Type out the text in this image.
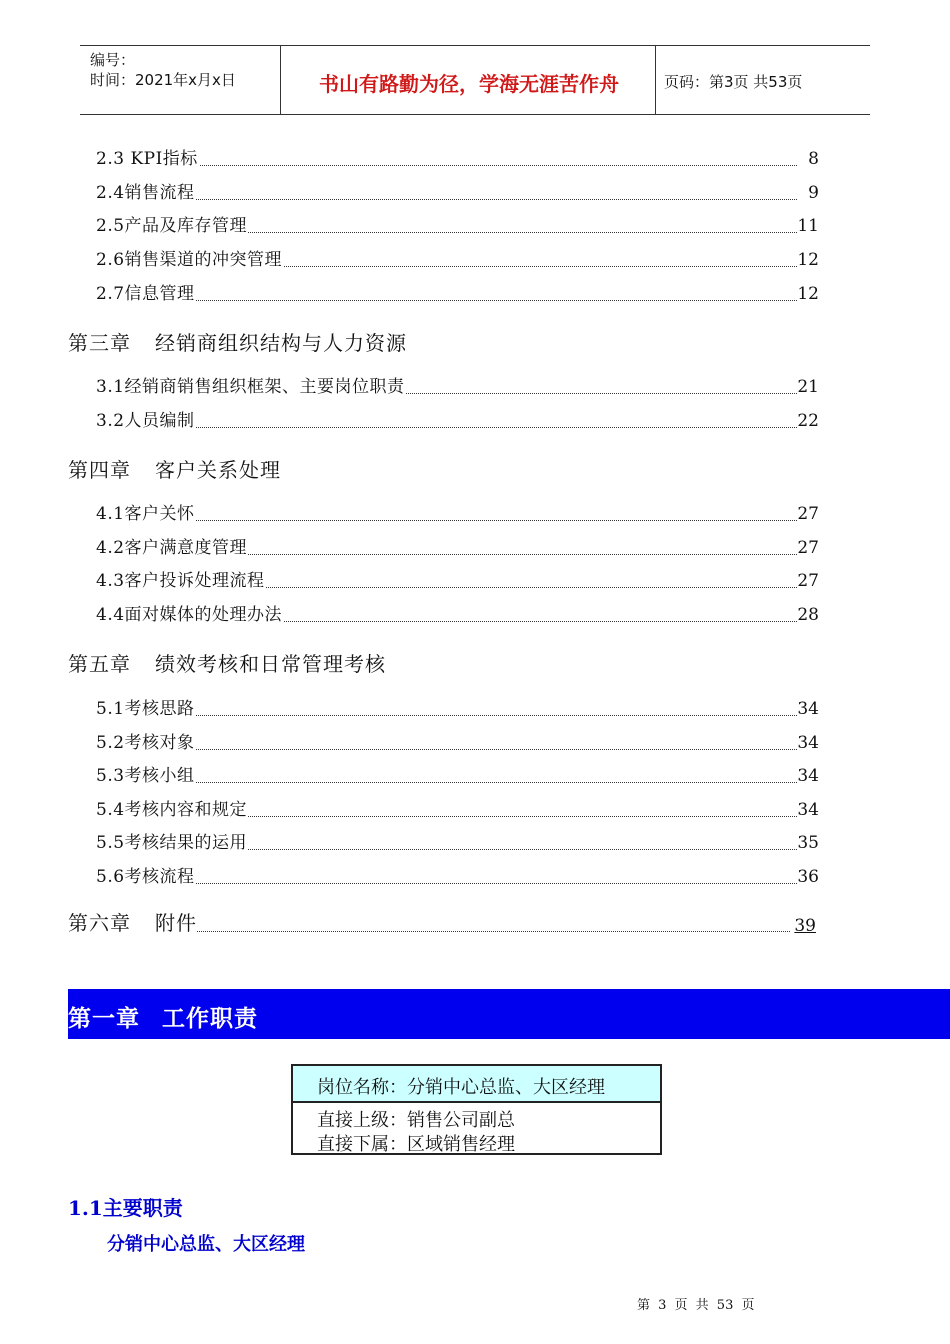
编号：
时间：2021年x月x日	书山有路勤为径，学海无涯苦作舟	页码：第3页 共53页
2.3 KPI指标	8
2.4销售流程	9
2.5产品及库存管理	11
2.6销售渠道的冲突管理	12
2.7信息管理	12
第三章 经销商组织结构与人力资源
3.1经销商销售组织框架、主要岗位职责	21
3.2人员编制	22
第四章 客户关系处理
4.1客户关怀	27
4.2客户满意度管理	27
4.3客户投诉处理流程	27
4.4面对媒体的处理办法	28
第五章 绩效考核和日常管理考核
5.1考核思路	34
5.2考核对象	34
5.3考核小组	34
5.4考核内容和规定	34
5.5考核结果的运用	35
5.6考核流程	36
第六章 附件	39
第一章 工作职责
岗位名称：分销中心总监、大区经理
直接上级：销售公司副总
直接下属：区域销售经理
1.1主要职责
分销中心总监、大区经理
第 3 页 共 53 页
